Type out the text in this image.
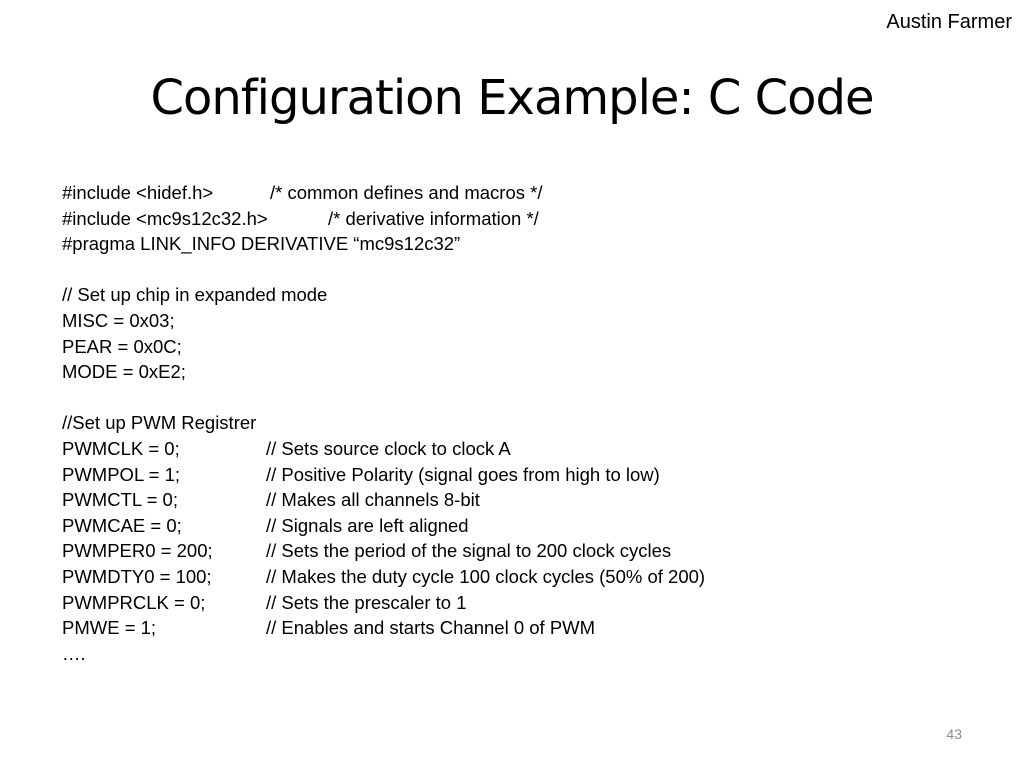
Austin Farmer
Configuration Example: C Code
#include <hidef.h>	/* common defines and macros */
#include <mc9s12c32.h>	/* derivative information */
#pragma LINK_INFO DERIVATIVE “mc9s12c32”
// Set up chip in expanded mode
MISC = 0x03;
PEAR = 0x0C;
MODE = 0xE2;
//Set up PWM Registrer
PWMCLK = 0;	// Sets source clock to clock A
PWMPOL = 1;	// Positive Polarity (signal goes from high to low)
PWMCTL = 0;	// Makes all channels 8-bit
PWMCAE = 0;	// Signals are left aligned
PWMPER0 = 200;	// Sets the period of the signal to 200 clock cycles
PWMDTY0 = 100;	// Makes the duty cycle 100 clock cycles (50% of 200)
PWMPRCLK = 0;	// Sets the prescaler to 1
PMWE = 1;	// Enables and starts Channel 0 of PWM
….
43
